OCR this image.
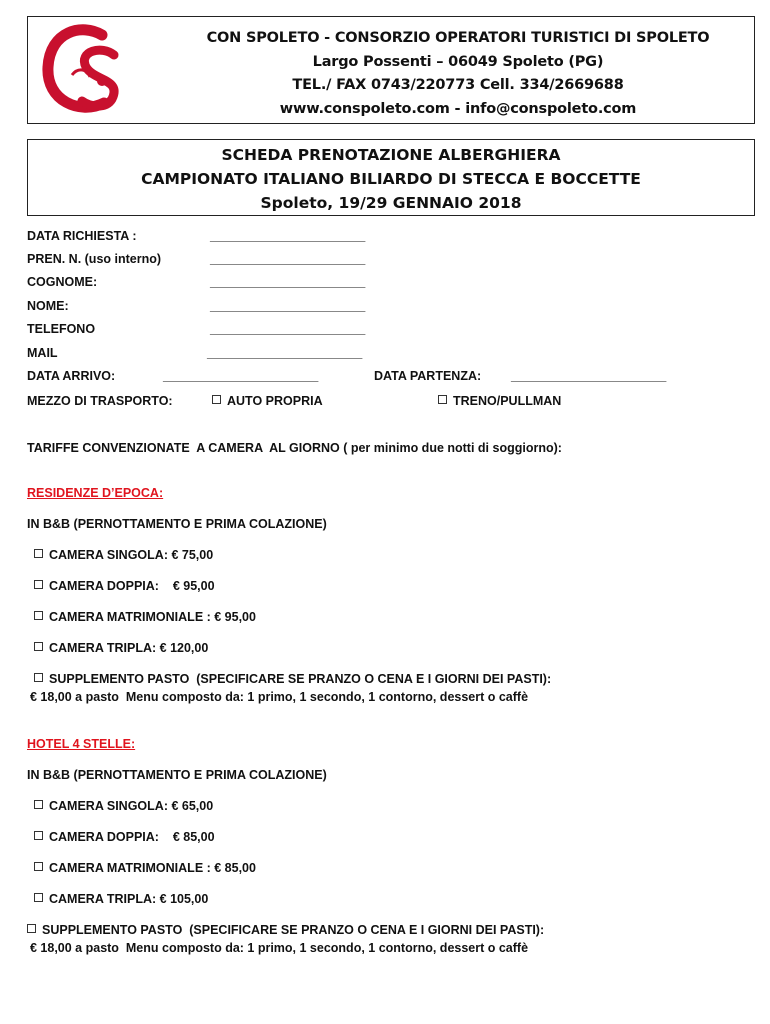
CON SPOLETO - CONSORZIO OPERATORI TURISTICI DI SPOLETO
Largo Possenti – 06049 Spoleto (PG)
TEL./ FAX 0743/220773 Cell. 334/2669688
www.conspoleto.com - info@conspoleto.com
SCHEDA PRENOTAZIONE ALBERGHIERA
CAMPIONATO ITALIANO BILIARDO DI STECCA E BOCCETTE
Spoleto, 19/29 GENNAIO 2018
DATA RICHIESTA :	________________________
PREN. N. (uso interno)	________________________
COGNOME:	________________________
NOME:	________________________
TELEFONO	________________________
MAIL	________________________
DATA ARRIVO:	________________________	DATA PARTENZA: ________________________
MEZZO DI TRASPORTO:	AUTO PROPRIA	TRENO/PULLMAN
TARIFFE CONVENZIONATE  A CAMERA  AL GIORNO ( per minimo due notti di soggiorno):
RESIDENZE D’EPOCA:
IN B&B (PERNOTTAMENTO E PRIMA COLAZIONE)
CAMERA SINGOLA: € 75,00
CAMERA DOPPIA:    € 95,00
CAMERA MATRIMONIALE : € 95,00
CAMERA TRIPLA: € 120,00
SUPPLEMENTO PASTO  (SPECIFICARE SE PRANZO O CENA E I GIORNI DEI PASTI):
€ 18,00 a pasto  Menu composto da: 1 primo, 1 secondo, 1 contorno, dessert o caffè
HOTEL 4 STELLE:
IN B&B (PERNOTTAMENTO E PRIMA COLAZIONE)
CAMERA SINGOLA: € 65,00
CAMERA DOPPIA:    € 85,00
CAMERA MATRIMONIALE : € 85,00
CAMERA TRIPLA: € 105,00
SUPPLEMENTO PASTO  (SPECIFICARE SE PRANZO O CENA E I GIORNI DEI PASTI):
€ 18,00 a pasto  Menu composto da: 1 primo, 1 secondo, 1 contorno, dessert o caffè
